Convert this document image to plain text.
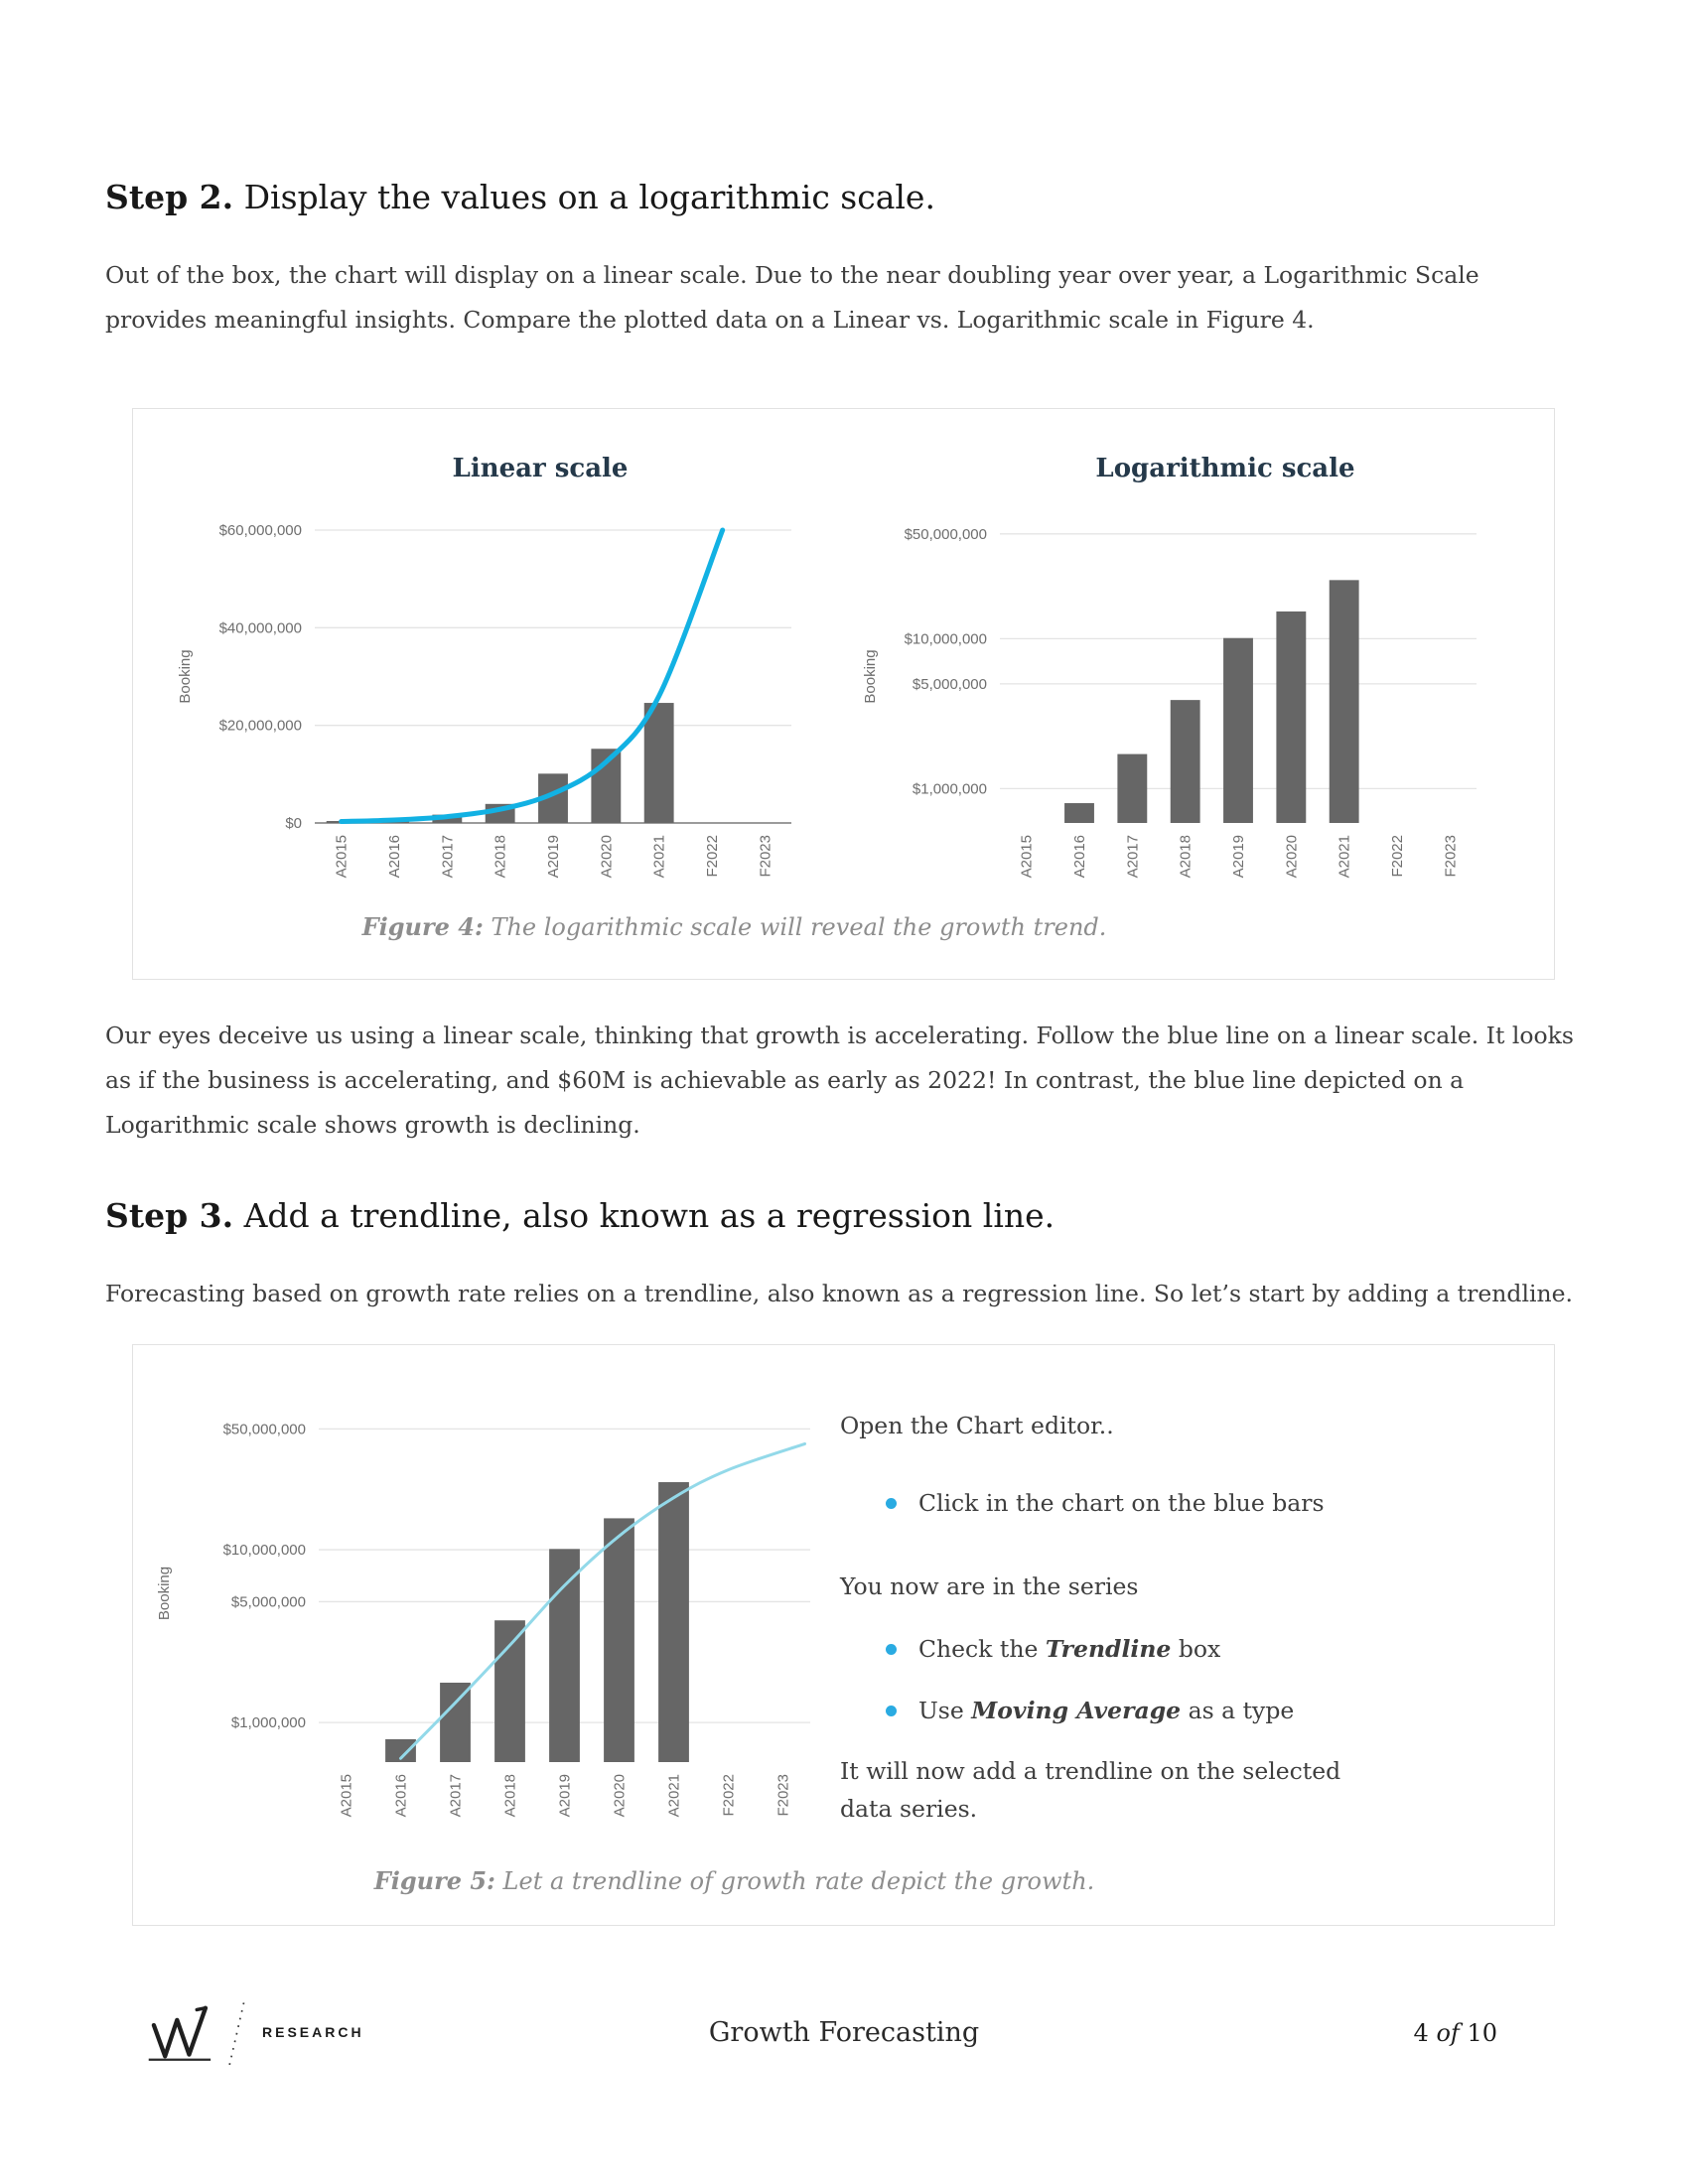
Step 2. Display the values on a logarithmic scale.

Out of the box, the chart will display on a linear scale. Due to the near doubling year over year, a Logarithmic Scale provides meaningful insights. Compare the plotted data on a Linear vs. Logarithmic scale in Figure 4.

Linear scale
$0
$20,000,000
$40,000,000
$60,000,000
A2015 A2016 A2017 A2018 A2019 A2020 A2021 F2022 F2023
Booking
Logarithmic scale
$1,000,000
$5,000,000
$10,000,000
$50,000,000
A2015 A2016 A2017 A2018 A2019 A2020 A2021 F2022 F2023
Booking
Figure 4: The logarithmic scale will reveal the growth trend.

Our eyes deceive us using a linear scale, thinking that growth is accelerating. Follow the blue line on a linear scale. It looks as if the business is accelerating, and $60M is achievable as early as 2022! In contrast, the blue line depicted on a Logarithmic scale shows growth is declining.

Step 3. Add a trendline, also known as a regression line.

Forecasting based on growth rate relies on a trendline, also known as a regression line. So let’s start by adding a trendline.

$1,000,000
$5,000,000
$10,000,000
$50,000,000
A2015	A2016	A2017	A2018	A2019	A2020	A2021	F2022	F2023
Booking

Open the Chart editor..

Click in the chart on the blue bars

You now are in the series

Check the Trendline box
Use Moving Average as a type

It will now add a trendline on the selected data series.

Figure 5: Let a trendline of growth rate depict the growth.
RESEARCH	Growth Forecasting	4 of 10
